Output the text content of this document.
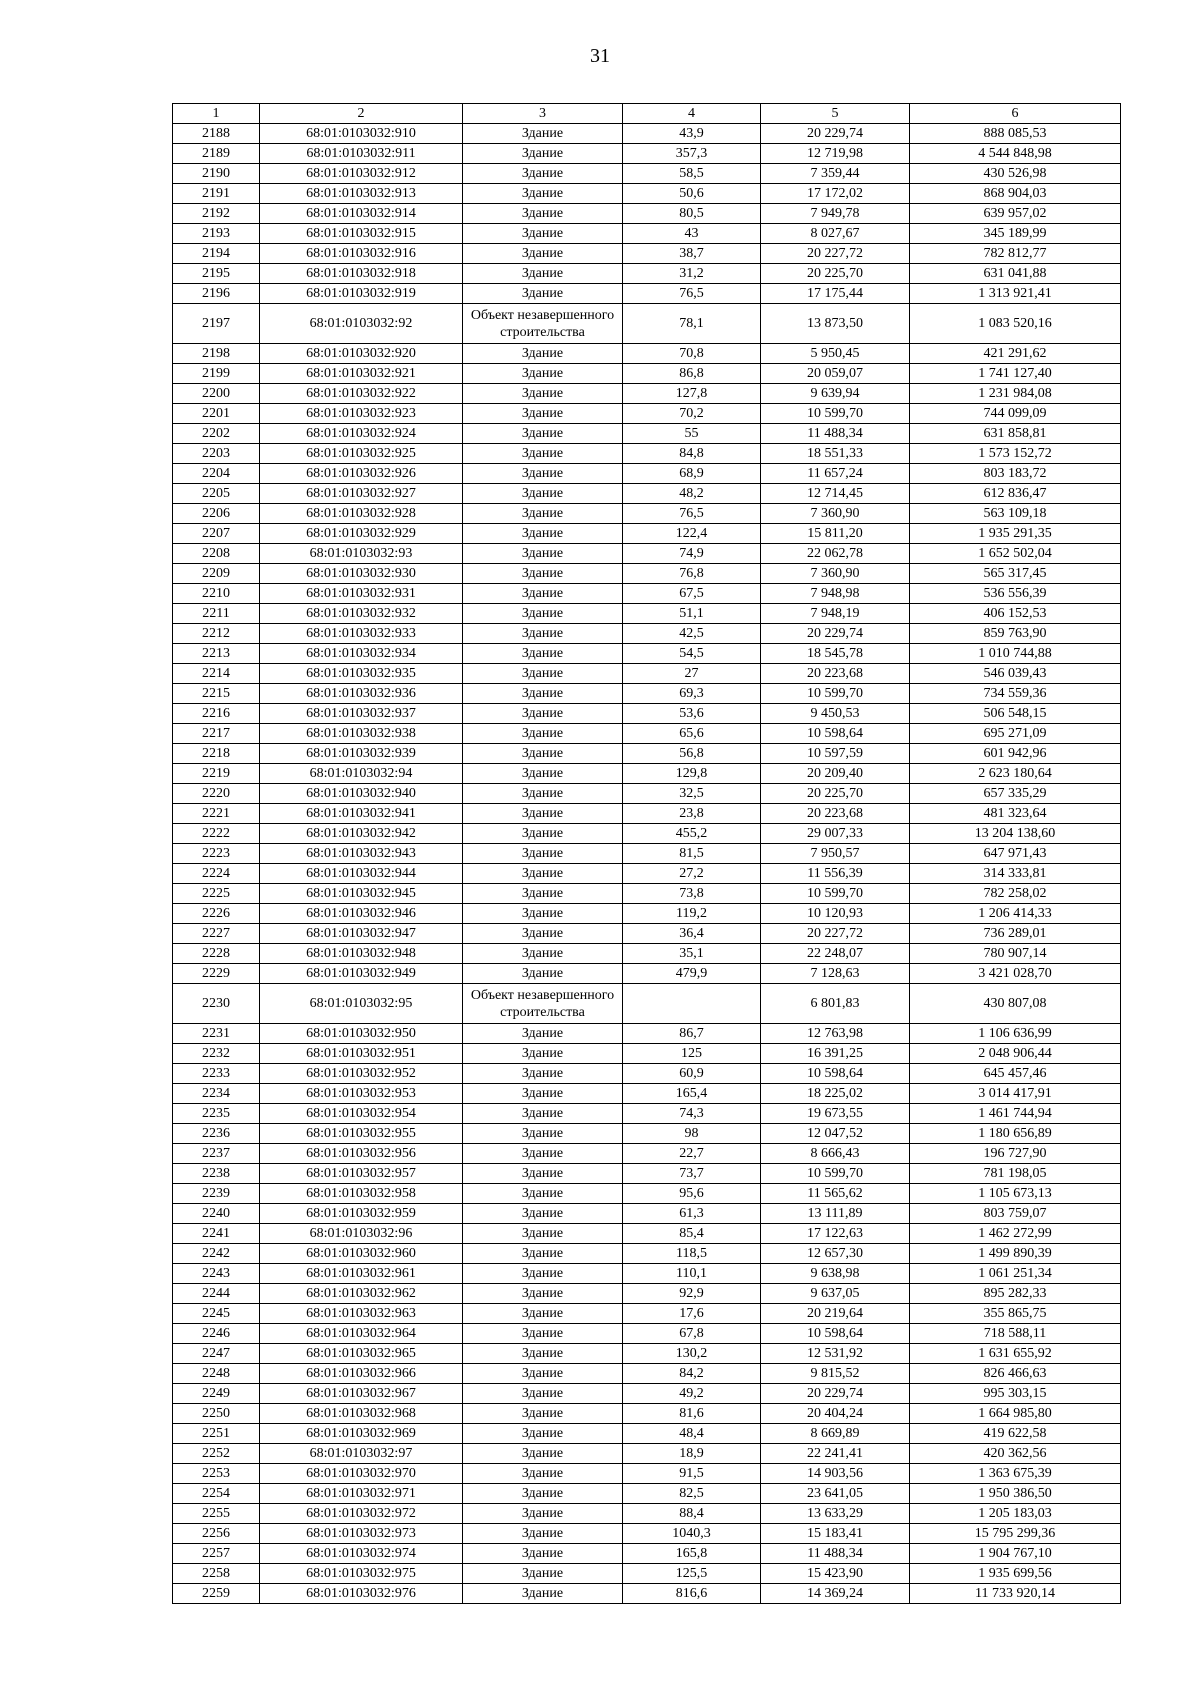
31
1	2	3	4	5	6
2188	68:01:0103032:910	Здание	43,9	20 229,74	888 085,53
2189	68:01:0103032:911	Здание	357,3	12 719,98	4 544 848,98
2190	68:01:0103032:912	Здание	58,5	7 359,44	430 526,98
2191	68:01:0103032:913	Здание	50,6	17 172,02	868 904,03
2192	68:01:0103032:914	Здание	80,5	7 949,78	639 957,02
2193	68:01:0103032:915	Здание	43	8 027,67	345 189,99
2194	68:01:0103032:916	Здание	38,7	20 227,72	782 812,77
2195	68:01:0103032:918	Здание	31,2	20 225,70	631 041,88
2196	68:01:0103032:919	Здание	76,5	17 175,44	1 313 921,41
2197	68:01:0103032:92	Объект незавершенного строительства	78,1	13 873,50	1 083 520,16
2198	68:01:0103032:920	Здание	70,8	5 950,45	421 291,62
2199	68:01:0103032:921	Здание	86,8	20 059,07	1 741 127,40
2200	68:01:0103032:922	Здание	127,8	9 639,94	1 231 984,08
2201	68:01:0103032:923	Здание	70,2	10 599,70	744 099,09
2202	68:01:0103032:924	Здание	55	11 488,34	631 858,81
2203	68:01:0103032:925	Здание	84,8	18 551,33	1 573 152,72
2204	68:01:0103032:926	Здание	68,9	11 657,24	803 183,72
2205	68:01:0103032:927	Здание	48,2	12 714,45	612 836,47
2206	68:01:0103032:928	Здание	76,5	7 360,90	563 109,18
2207	68:01:0103032:929	Здание	122,4	15 811,20	1 935 291,35
2208	68:01:0103032:93	Здание	74,9	22 062,78	1 652 502,04
2209	68:01:0103032:930	Здание	76,8	7 360,90	565 317,45
2210	68:01:0103032:931	Здание	67,5	7 948,98	536 556,39
2211	68:01:0103032:932	Здание	51,1	7 948,19	406 152,53
2212	68:01:0103032:933	Здание	42,5	20 229,74	859 763,90
2213	68:01:0103032:934	Здание	54,5	18 545,78	1 010 744,88
2214	68:01:0103032:935	Здание	27	20 223,68	546 039,43
2215	68:01:0103032:936	Здание	69,3	10 599,70	734 559,36
2216	68:01:0103032:937	Здание	53,6	9 450,53	506 548,15
2217	68:01:0103032:938	Здание	65,6	10 598,64	695 271,09
2218	68:01:0103032:939	Здание	56,8	10 597,59	601 942,96
2219	68:01:0103032:94	Здание	129,8	20 209,40	2 623 180,64
2220	68:01:0103032:940	Здание	32,5	20 225,70	657 335,29
2221	68:01:0103032:941	Здание	23,8	20 223,68	481 323,64
2222	68:01:0103032:942	Здание	455,2	29 007,33	13 204 138,60
2223	68:01:0103032:943	Здание	81,5	7 950,57	647 971,43
2224	68:01:0103032:944	Здание	27,2	11 556,39	314 333,81
2225	68:01:0103032:945	Здание	73,8	10 599,70	782 258,02
2226	68:01:0103032:946	Здание	119,2	10 120,93	1 206 414,33
2227	68:01:0103032:947	Здание	36,4	20 227,72	736 289,01
2228	68:01:0103032:948	Здание	35,1	22 248,07	780 907,14
2229	68:01:0103032:949	Здание	479,9	7 128,63	3 421 028,70
2230	68:01:0103032:95	Объект незавершенного строительства		6 801,83	430 807,08
2231	68:01:0103032:950	Здание	86,7	12 763,98	1 106 636,99
2232	68:01:0103032:951	Здание	125	16 391,25	2 048 906,44
2233	68:01:0103032:952	Здание	60,9	10 598,64	645 457,46
2234	68:01:0103032:953	Здание	165,4	18 225,02	3 014 417,91
2235	68:01:0103032:954	Здание	74,3	19 673,55	1 461 744,94
2236	68:01:0103032:955	Здание	98	12 047,52	1 180 656,89
2237	68:01:0103032:956	Здание	22,7	8 666,43	196 727,90
2238	68:01:0103032:957	Здание	73,7	10 599,70	781 198,05
2239	68:01:0103032:958	Здание	95,6	11 565,62	1 105 673,13
2240	68:01:0103032:959	Здание	61,3	13 111,89	803 759,07
2241	68:01:0103032:96	Здание	85,4	17 122,63	1 462 272,99
2242	68:01:0103032:960	Здание	118,5	12 657,30	1 499 890,39
2243	68:01:0103032:961	Здание	110,1	9 638,98	1 061 251,34
2244	68:01:0103032:962	Здание	92,9	9 637,05	895 282,33
2245	68:01:0103032:963	Здание	17,6	20 219,64	355 865,75
2246	68:01:0103032:964	Здание	67,8	10 598,64	718 588,11
2247	68:01:0103032:965	Здание	130,2	12 531,92	1 631 655,92
2248	68:01:0103032:966	Здание	84,2	9 815,52	826 466,63
2249	68:01:0103032:967	Здание	49,2	20 229,74	995 303,15
2250	68:01:0103032:968	Здание	81,6	20 404,24	1 664 985,80
2251	68:01:0103032:969	Здание	48,4	8 669,89	419 622,58
2252	68:01:0103032:97	Здание	18,9	22 241,41	420 362,56
2253	68:01:0103032:970	Здание	91,5	14 903,56	1 363 675,39
2254	68:01:0103032:971	Здание	82,5	23 641,05	1 950 386,50
2255	68:01:0103032:972	Здание	88,4	13 633,29	1 205 183,03
2256	68:01:0103032:973	Здание	1040,3	15 183,41	15 795 299,36
2257	68:01:0103032:974	Здание	165,8	11 488,34	1 904 767,10
2258	68:01:0103032:975	Здание	125,5	15 423,90	1 935 699,56
2259	68:01:0103032:976	Здание	816,6	14 369,24	11 733 920,14
